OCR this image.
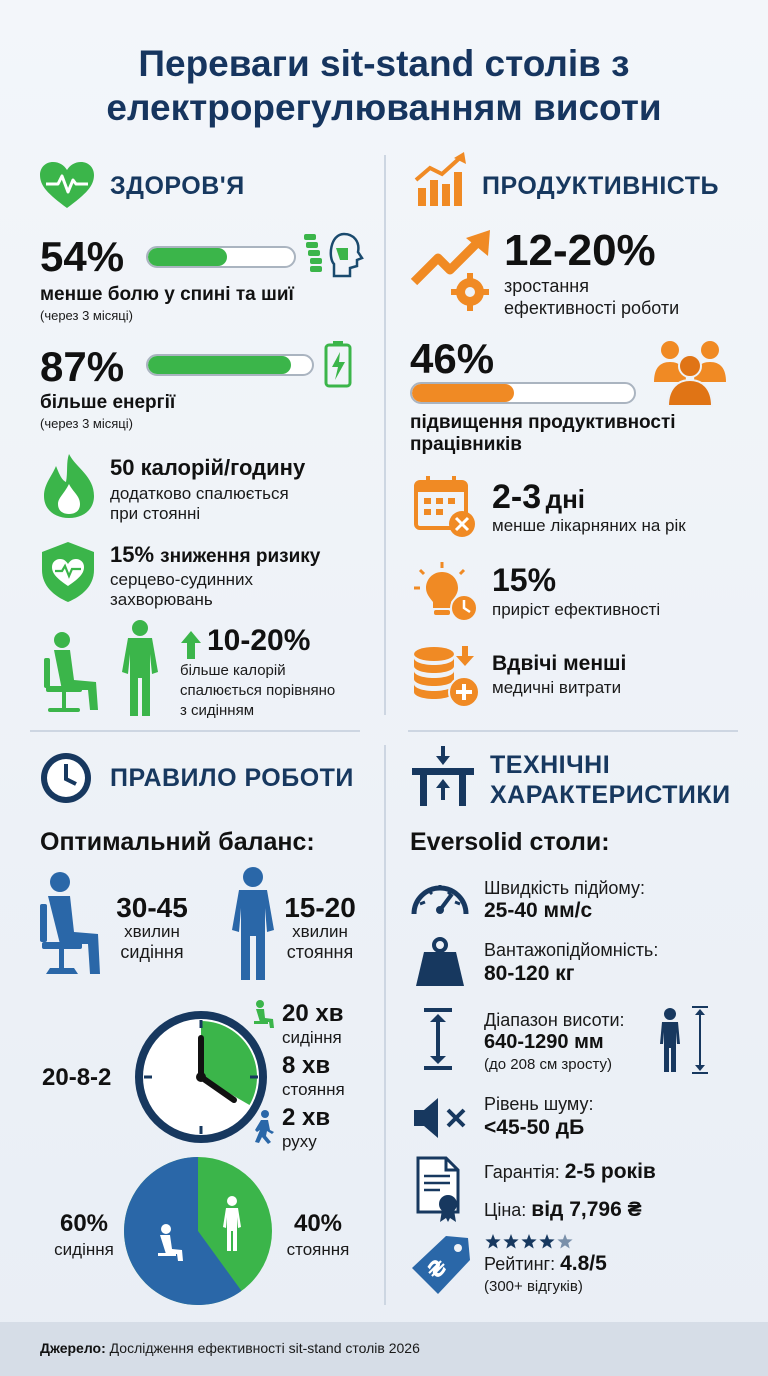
Переваги sit-stand столів з
електрорегулюванням висоти
ЗДОРОВ'Я
54%
менше болю у спині та шиї
(через 3 місяці)
87%
більше енергії
(через 3 місяці)
50 калорій/годину
додатково спалюється
при стоянні
15% зниження ризику
серцево-судинних
захворювань
10-20%
більше калорій
спалюється порівняно
з сидінням
ПРОДУКТИВНІСТЬ
12-20%
зростання
ефективності роботи
46%
підвищення продуктивності
працівників
2-3 дні
менше лікарняних на рік
15%
приріст ефективності
Вдвічі менші
медичні витрати
ПРАВИЛО РОБОТИ
Оптимальний баланс:
30-45
хвилин
сидіння
15-20
хвилин
стояння
20-8-2
20 хв
сидіння
8 хв
стояння
2 хв
руху
60%
сидіння
40%
стояння
ТЕХНІЧНІ
ХАРАКТЕРИСТИКИ
Eversolid столи:
Швидкість підйому:
25-40 мм/с
Вантажопідйомність:
80-120 кг
Діапазон висоти:
640-1290 мм
(до 208 см зросту)
Рівень шуму:
<45-50 дБ
Гарантія: 2-5 років
Ціна: від 7,796 ₴
₴ Рейтинг: 4.8/5
(300+ відгуків)
Джерело: Дослідження ефективності sit-stand столів 2026
